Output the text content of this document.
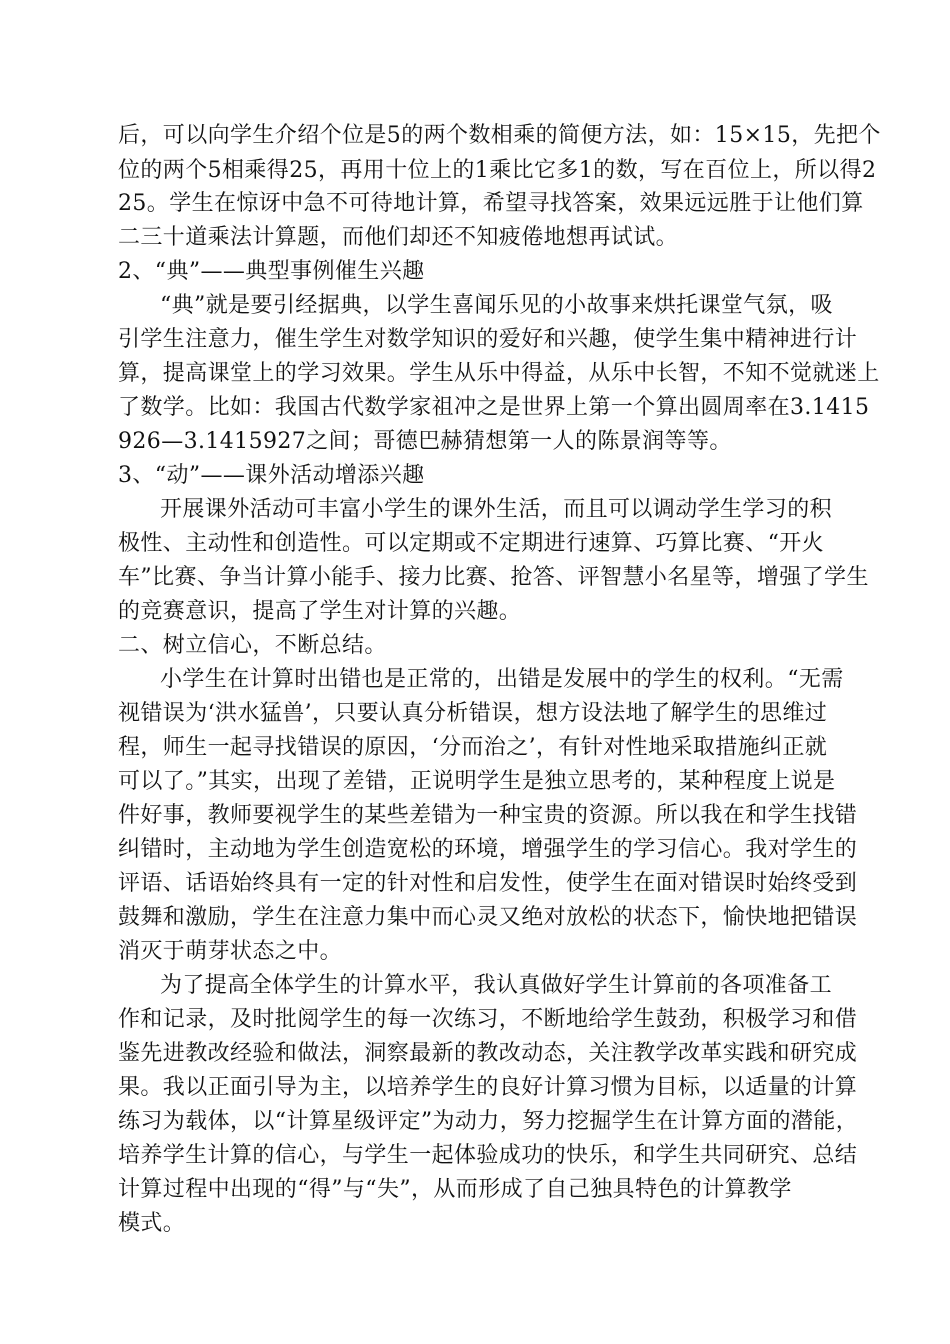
后，可以向学生介绍个位是5的两个数相乘的简便方法，如：15×15，先把个
位的两个5相乘得25，再用十位上的1乘比它多1的数，写在百位上，所以得2
25。学生在惊讶中急不可待地计算，希望寻找答案，效果远远胜于让他们算
二三十道乘法计算题，而他们却还不知疲倦地想再试试。
2、“典”——典型事例催生兴趣
“典”就是要引经据典，以学生喜闻乐见的小故事来烘托课堂气氛，吸
引学生注意力，催生学生对数学知识的爱好和兴趣，使学生集中精神进行计
算，提高课堂上的学习效果。学生从乐中得益，从乐中长智，不知不觉就迷上
了数学。比如：我国古代数学家祖冲之是世界上第一个算出圆周率在3.1415
926—3.1415927之间；哥德巴赫猜想第一人的陈景润等等。
3、“动”——课外活动增添兴趣
开展课外活动可丰富小学生的课外生活，而且可以调动学生学习的积
极性、主动性和创造性。可以定期或不定期进行速算、巧算比赛、“开火
车”比赛、争当计算小能手、接力比赛、抢答、评智慧小名星等，增强了学生
的竞赛意识，提高了学生对计算的兴趣。
二、树立信心，不断总结。
小学生在计算时出错也是正常的，出错是发展中的学生的权利。“无需
视错误为‘洪水猛兽’，只要认真分析错误，想方设法地了解学生的思维过
程，师生一起寻找错误的原因，‘分而治之’，有针对性地采取措施纠正就
可以了。”其实，出现了差错，正说明学生是独立思考的，某种程度上说是
件好事，教师要视学生的某些差错为一种宝贵的资源。所以我在和学生找错
纠错时，主动地为学生创造宽松的环境，增强学生的学习信心。我对学生的
评语、话语始终具有一定的针对性和启发性，使学生在面对错误时始终受到
鼓舞和激励，学生在注意力集中而心灵又绝对放松的状态下，愉快地把错误
消灭于萌芽状态之中。
为了提高全体学生的计算水平，我认真做好学生计算前的各项准备工
作和记录，及时批阅学生的每一次练习，不断地给学生鼓劲，积极学习和借
鉴先进教改经验和做法，洞察最新的教改动态，关注教学改革实践和研究成
果。我以正面引导为主，以培养学生的良好计算习惯为目标，以适量的计算
练习为载体，以“计算星级评定”为动力，努力挖掘学生在计算方面的潜能，
培养学生计算的信心，与学生一起体验成功的快乐，和学生共同研究、总结
计算过程中出现的“得”与“失”，从而形成了自己独具特色的计算教学
模式。
